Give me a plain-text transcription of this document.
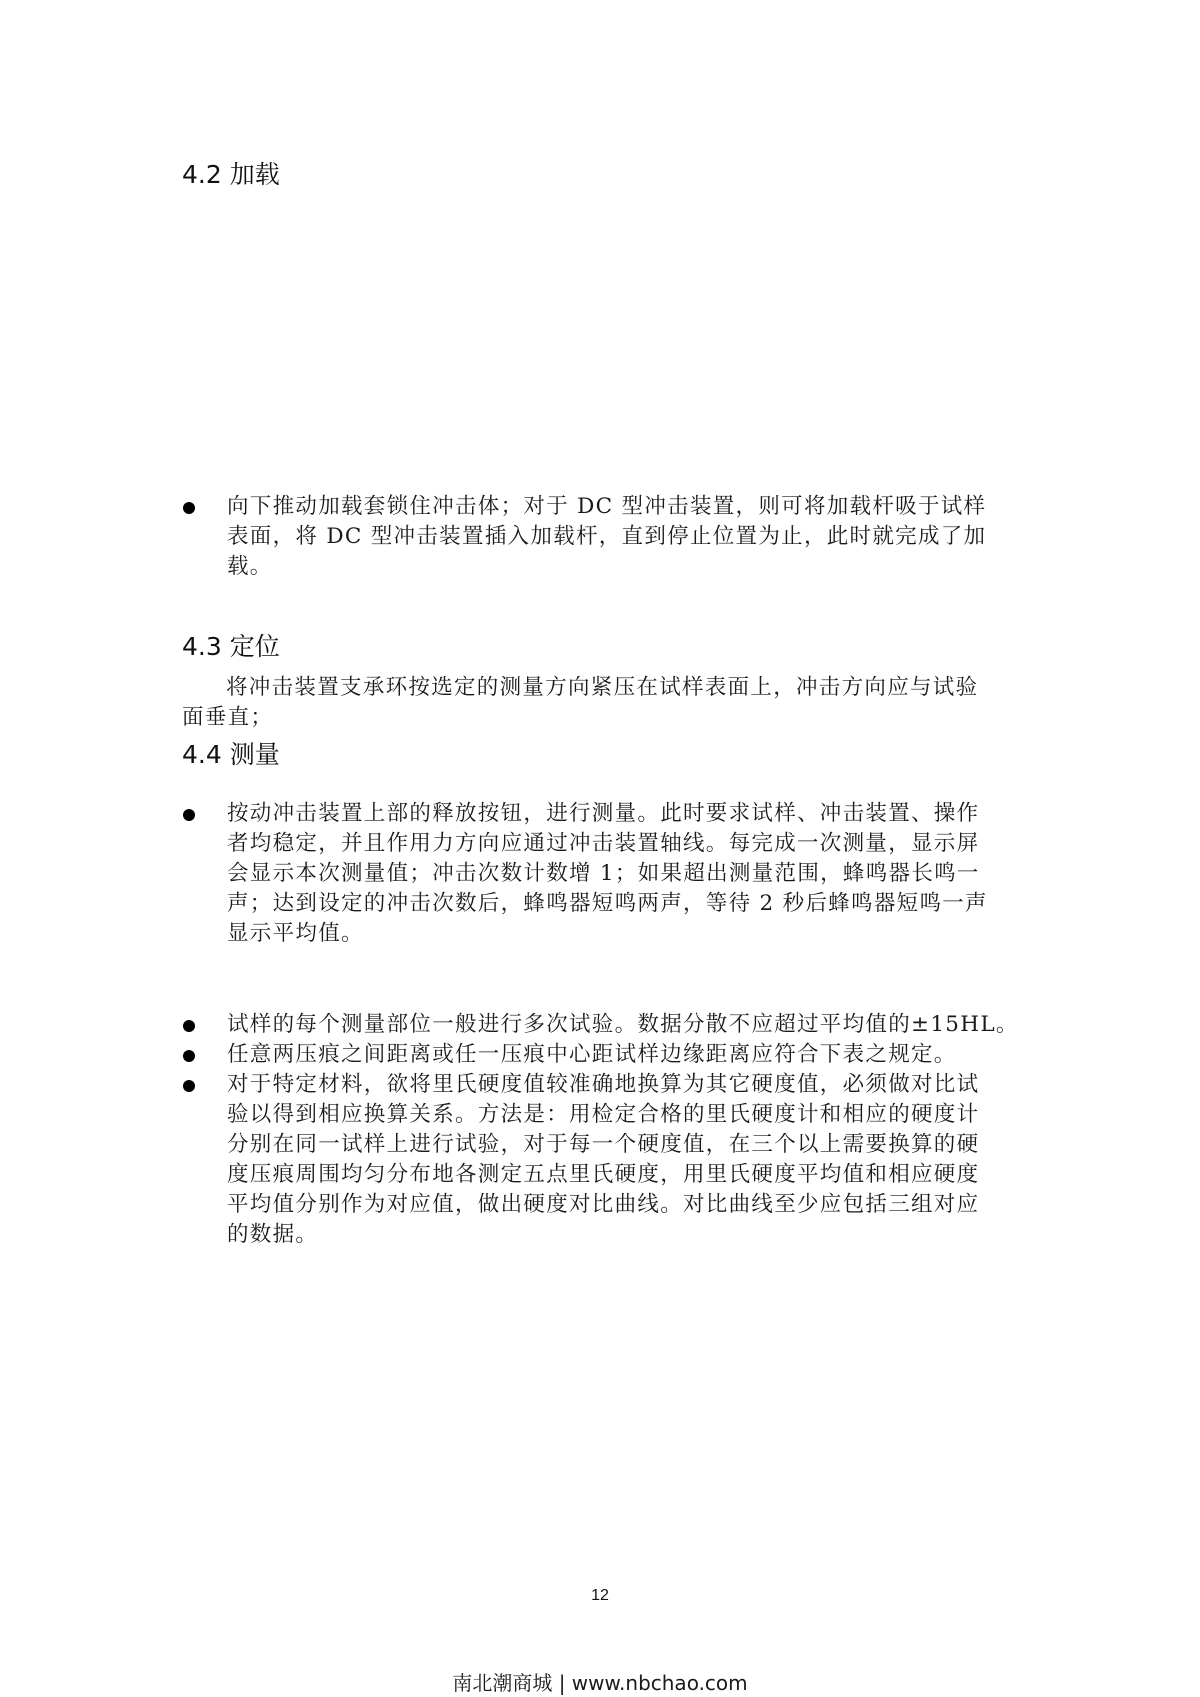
4.2 加载
向下推动加载套锁住冲击体；对于 DC 型冲击装置，则可将加载杆吸于试样
表面，将 DC 型冲击装置插入加载杆，直到停止位置为止，此时就完成了加
载。
4.3 定位
将冲击装置支承环按选定的测量方向紧压在试样表面上，冲击方向应与试验
面垂直；
4.4 测量
按动冲击装置上部的释放按钮，进行测量。此时要求试样、冲击装置、操作
者均稳定，并且作用力方向应通过冲击装置轴线。每完成一次测量，显示屏
会显示本次测量值；冲击次数计数增 1；如果超出测量范围，蜂鸣器长鸣一
声；达到设定的冲击次数后，蜂鸣器短鸣两声，等待 2 秒后蜂鸣器短鸣一声
显示平均值。
试样的每个测量部位一般进行多次试验。数据分散不应超过平均值的±15HL。
任意两压痕之间距离或任一压痕中心距试样边缘距离应符合下表之规定。
对于特定材料，欲将里氏硬度值较准确地换算为其它硬度值，必须做对比试
验以得到相应换算关系。方法是：用检定合格的里氏硬度计和相应的硬度计
分别在同一试样上进行试验，对于每一个硬度值，在三个以上需要换算的硬
度压痕周围均匀分布地各测定五点里氏硬度，用里氏硬度平均值和相应硬度
平均值分别作为对应值，做出硬度对比曲线。对比曲线至少应包括三组对应
的数据。
12
南北潮商城 | www.nbchao.com
